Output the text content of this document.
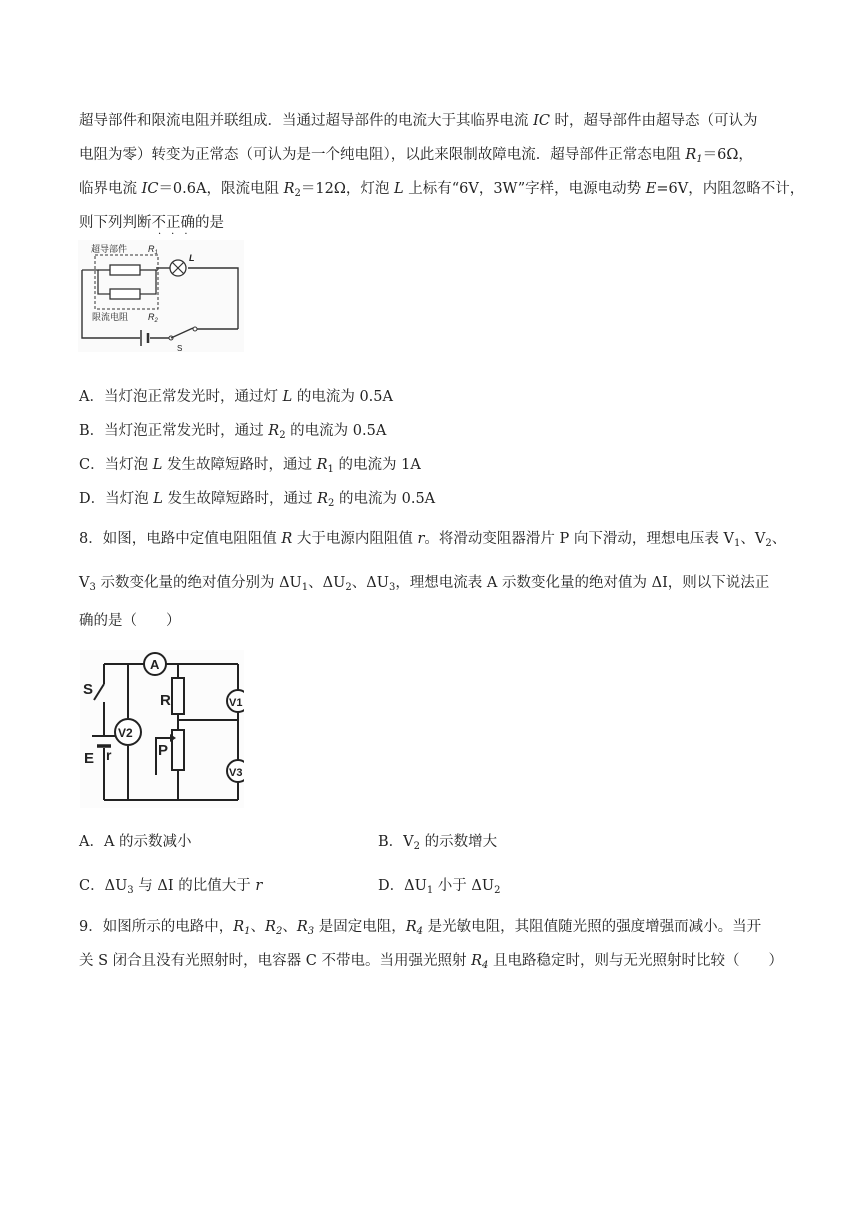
超导部件和限流电阻并联组成．当通过超导部件的电流大于其临界电流 IC 时，超导部件由超导态（可认为
电阻为零）转变为正常态（可认为是一个纯电阻），以此来限制故障电流．超导部件正常态电阻 $R_1=6\Omega$，
临界电流 IC＝0.6A，限流电阻 $R_2=12\Omega$，灯泡 L 上标有“6V，3W”字样，电源电动势 E=6V，内阻忽略不计，
则下列判断不正确的是
·　·　·
超导部件 $R_1$	L
限流电阻 $R_2$
S
A．当灯泡正常发光时，通过灯 L 的电流为 0.5A
B．当灯泡正常发光时，通过 $R_2$ 的电流为 0.5A
C．当灯泡 L 发生故障短路时，通过 $R_1$ 的电流为 1A
D．当灯泡 L 发生故障短路时，通过 $R_2$ 的电流为 0.5A
8．如图，电路中定值电阻阻值 R 大于电源内阻阻值 r。将滑动变阻器滑片 P 向下滑动，理想电压表 $V_1$、$V_2$、
$V_3$ 示数变化量的绝对值分别为 $\Delta U_1$、$\Delta U_2$、$\Delta U_3$，理想电流表 A 示数变化量的绝对值为 ΔI，则以下说法正
确的是（　　）
A
V2
V1
V3
S
R
E r	P
A．A 的示数减小	B．$V_2$ 的示数增大
C．$\Delta U_3$ 与 ΔI 的比值大于 r	D．$\Delta U_1$ 小于 $\Delta U_2$
9．如图所示的电路中，$R_1$、$R_2$、$R_3$ 是固定电阻，$R_4$ 是光敏电阻，其阻值随光照的强度增强而减小。当开
关 S 闭合且没有光照射时，电容器 C 不带电。当用强光照射 $R_4$ 且电路稳定时，则与无光照射时比较（　　）
